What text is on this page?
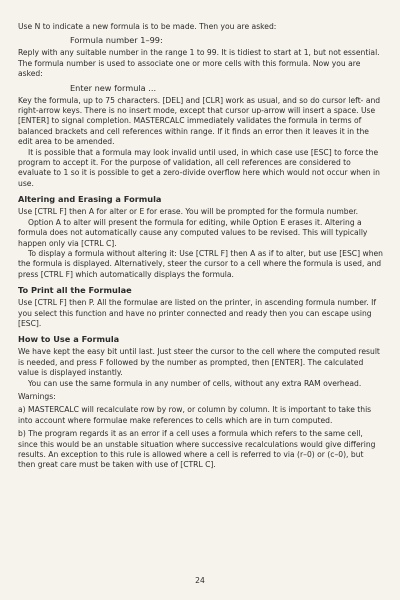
Use N to indicate a new formula is to be made. Then you are asked:

Formula number 1–99:

Reply with any suitable number in the range 1 to 99. It is tidiest to start at 1, but not essential. The formula number is used to associate one or more cells with this formula. Now you are asked:

Enter new formula ...

Key the formula, up to 75 characters. [DEL] and [CLR] work as usual, and so do cursor left- and right-arrow keys. There is no insert mode, except that cursor up-arrow will insert a space. Use [ENTER] to signal completion. MASTERCALC immediately validates the formula in terms of balanced brackets and cell references within range. If it finds an error then it leaves it in the edit area to be amended.

It is possible that a formula may look invalid until used, in which case use [ESC] to force the program to accept it. For the purpose of validation, all cell references are considered to evaluate to 1 so it is possible to get a zero-divide overflow here which would not occur when in use.

Altering and Erasing a Formula

Use [CTRL F] then A for alter or E for erase. You will be prompted for the formula number.

Option A to alter will present the formula for editing, while Option E erases it. Altering a formula does not automatically cause any computed values to be revised. This will typically happen only via [CTRL C].

To display a formula without altering it: Use [CTRL F] then A as if to alter, but use [ESC] when the formula is displayed. Alternatively, steer the cursor to a cell where the formula is used, and press [CTRL F] which automatically displays the formula.

To Print all the Formulae

Use [CTRL F] then P. All the formulae are listed on the printer, in ascending formula number. If you select this function and have no printer connected and ready then you can escape using [ESC].

How to Use a Formula

We have kept the easy bit until last. Just steer the cursor to the cell where the computed result is needed, and press F followed by the number as prompted, then [ENTER]. The calculated value is displayed instantly.

You can use the same formula in any number of cells, without any extra RAM overhead.

Warnings:

a) MASTERCALC will recalculate row by row, or column by column. It is important to take this into account where formulae make references to cells which are in turn computed.

b) The program regards it as an error if a cell uses a formula which refers to the same cell, since this would be an unstable situation where successive recalculations would give differing results. An exception to this rule is allowed where a cell is referred to via (r–0) or (c–0), but then great care must be taken with use of [CTRL C].

24
